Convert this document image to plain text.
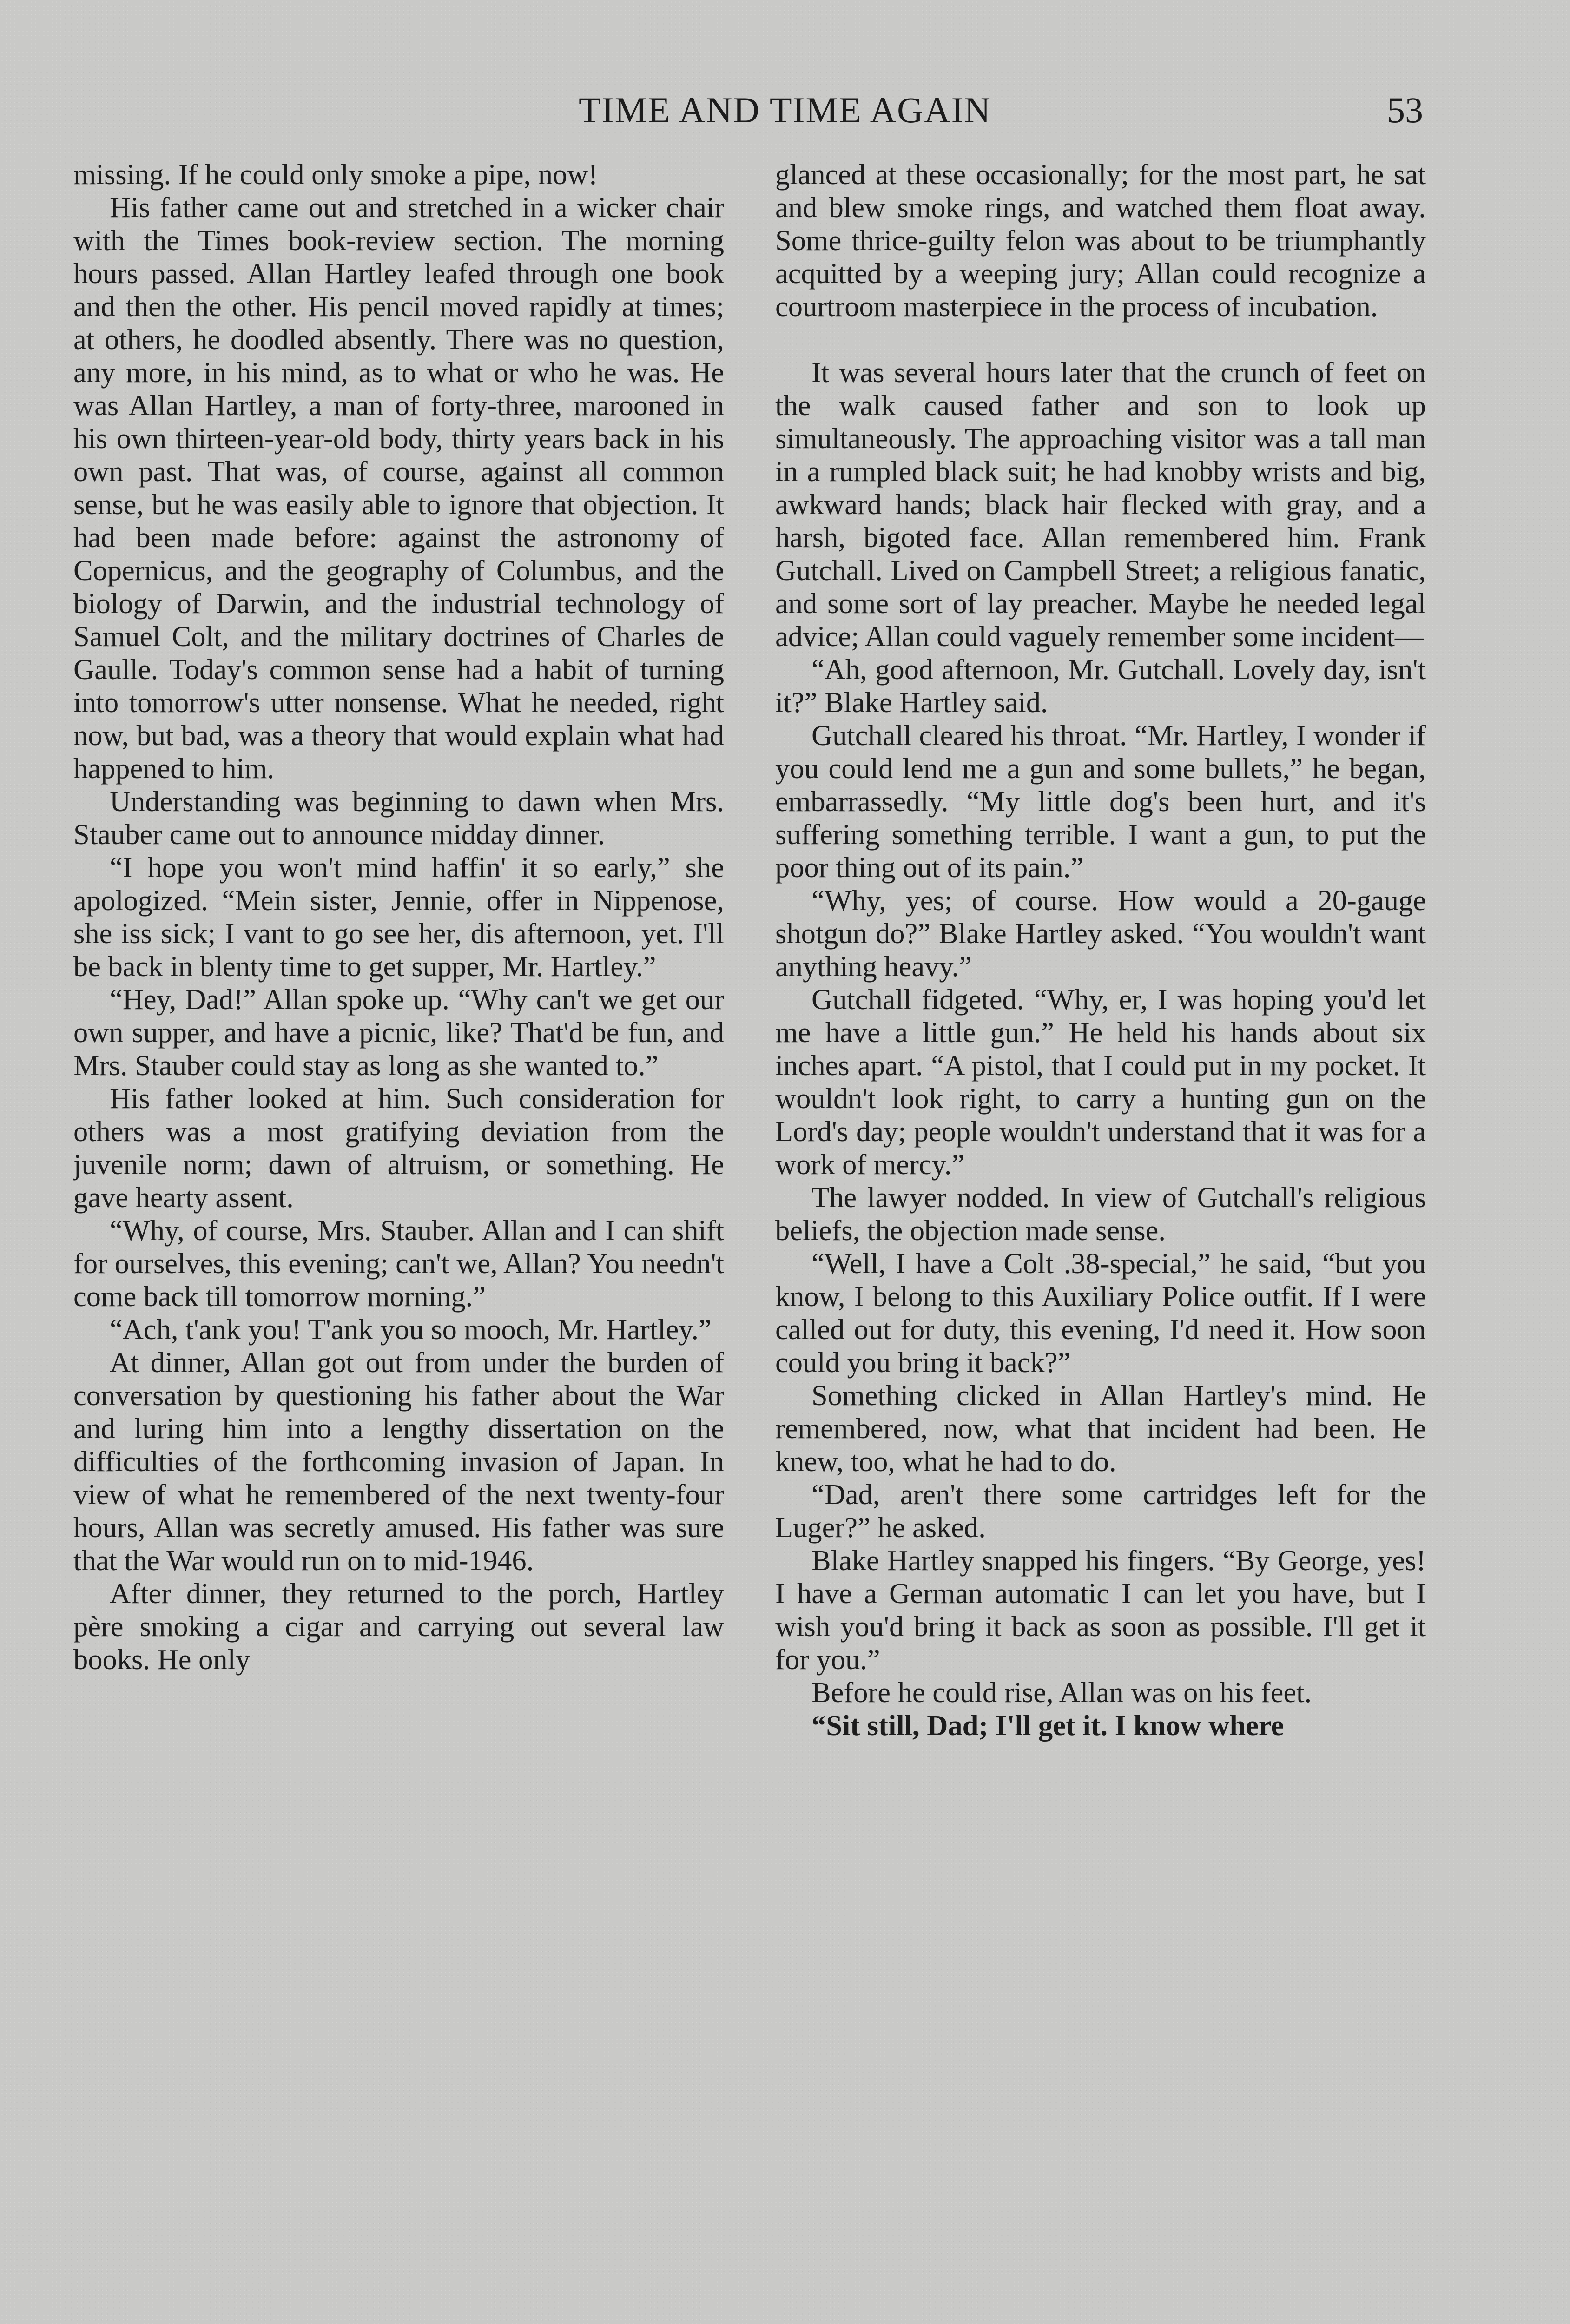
TIME AND TIME AGAIN	53

missing. If he could only smoke a pipe, now!

His father came out and stretched in a wicker chair with the Times book-review section. The morning hours passed. Allan Hartley leafed through one book and then the other. His pencil moved rapidly at times; at others, he doodled absently. There was no question, any more, in his mind, as to what or who he was. He was Allan Hartley, a man of forty-three, marooned in his own thirteen-year-old body, thirty years back in his own past. That was, of course, against all common sense, but he was easily able to ignore that objection. It had been made before: against the astronomy of Copernicus, and the geography of Columbus, and the biology of Darwin, and the industrial technology of Samuel Colt, and the military doctrines of Charles de Gaulle. Today's common sense had a habit of turning into tomorrow's utter nonsense. What he needed, right now, but bad, was a theory that would explain what had happened to him.

Understanding was beginning to dawn when Mrs. Stauber came out to announce midday dinner.

“I hope you won't mind haffin' it so early,” she apologized. “Mein sister, Jennie, offer in Nippenose, she iss sick; I vant to go see her, dis afternoon, yet. I'll be back in blenty time to get supper, Mr. Hartley.”

“Hey, Dad!” Allan spoke up. “Why can't we get our own supper, and have a picnic, like? That'd be fun, and Mrs. Stauber could stay as long as she wanted to.”

His father looked at him. Such consideration for others was a most gratifying deviation from the juvenile norm; dawn of altruism, or something. He gave hearty assent.

“Why, of course, Mrs. Stauber. Allan and I can shift for ourselves, this evening; can't we, Allan? You needn't come back till tomorrow morning.”

“Ach, t'ank you! T'ank you so mooch, Mr. Hartley.”

At dinner, Allan got out from under the burden of conversation by questioning his father about the War and luring him into a lengthy dissertation on the difficulties of the forthcoming invasion of Japan. In view of what he remembered of the next twenty-four hours, Allan was secretly amused. His father was sure that the War would run on to mid-1946.

After dinner, they returned to the porch, Hartley père smoking a cigar and carrying out several law books. He only

glanced at these occasionally; for the most part, he sat and blew smoke rings, and watched them float away. Some thrice-guilty felon was about to be triumphantly acquitted by a weeping jury; Allan could recognize a courtroom masterpiece in the process of incubation.

It was several hours later that the crunch of feet on the walk caused father and son to look up simultaneously. The approaching visitor was a tall man in a rumpled black suit; he had knobby wrists and big, awkward hands; black hair flecked with gray, and a harsh, bigoted face. Allan remembered him. Frank Gutchall. Lived on Campbell Street; a religious fanatic, and some sort of lay preacher. Maybe he needed legal advice; Allan could vaguely remember some incident—

“Ah, good afternoon, Mr. Gutchall. Lovely day, isn't it?” Blake Hartley said.

Gutchall cleared his throat. “Mr. Hartley, I wonder if you could lend me a gun and some bullets,” he began, embarrassedly. “My little dog's been hurt, and it's suffering something terrible. I want a gun, to put the poor thing out of its pain.”

“Why, yes; of course. How would a 20-gauge shotgun do?” Blake Hartley asked. “You wouldn't want anything heavy.”

Gutchall fidgeted. “Why, er, I was hoping you'd let me have a little gun.” He held his hands about six inches apart. “A pistol, that I could put in my pocket. It wouldn't look right, to carry a hunting gun on the Lord's day; people wouldn't understand that it was for a work of mercy.”

The lawyer nodded. In view of Gutchall's religious beliefs, the objection made sense.

“Well, I have a Colt .38-special,” he said, “but you know, I belong to this Auxiliary Police outfit. If I were called out for duty, this evening, I'd need it. How soon could you bring it back?”

Something clicked in Allan Hartley's mind. He remembered, now, what that incident had been. He knew, too, what he had to do.

“Dad, aren't there some cartridges left for the Luger?” he asked.

Blake Hartley snapped his fingers. “By George, yes! I have a German automatic I can let you have, but I wish you'd bring it back as soon as possible. I'll get it for you.”

Before he could rise, Allan was on his feet.

“Sit still, Dad; I'll get it. I know where
